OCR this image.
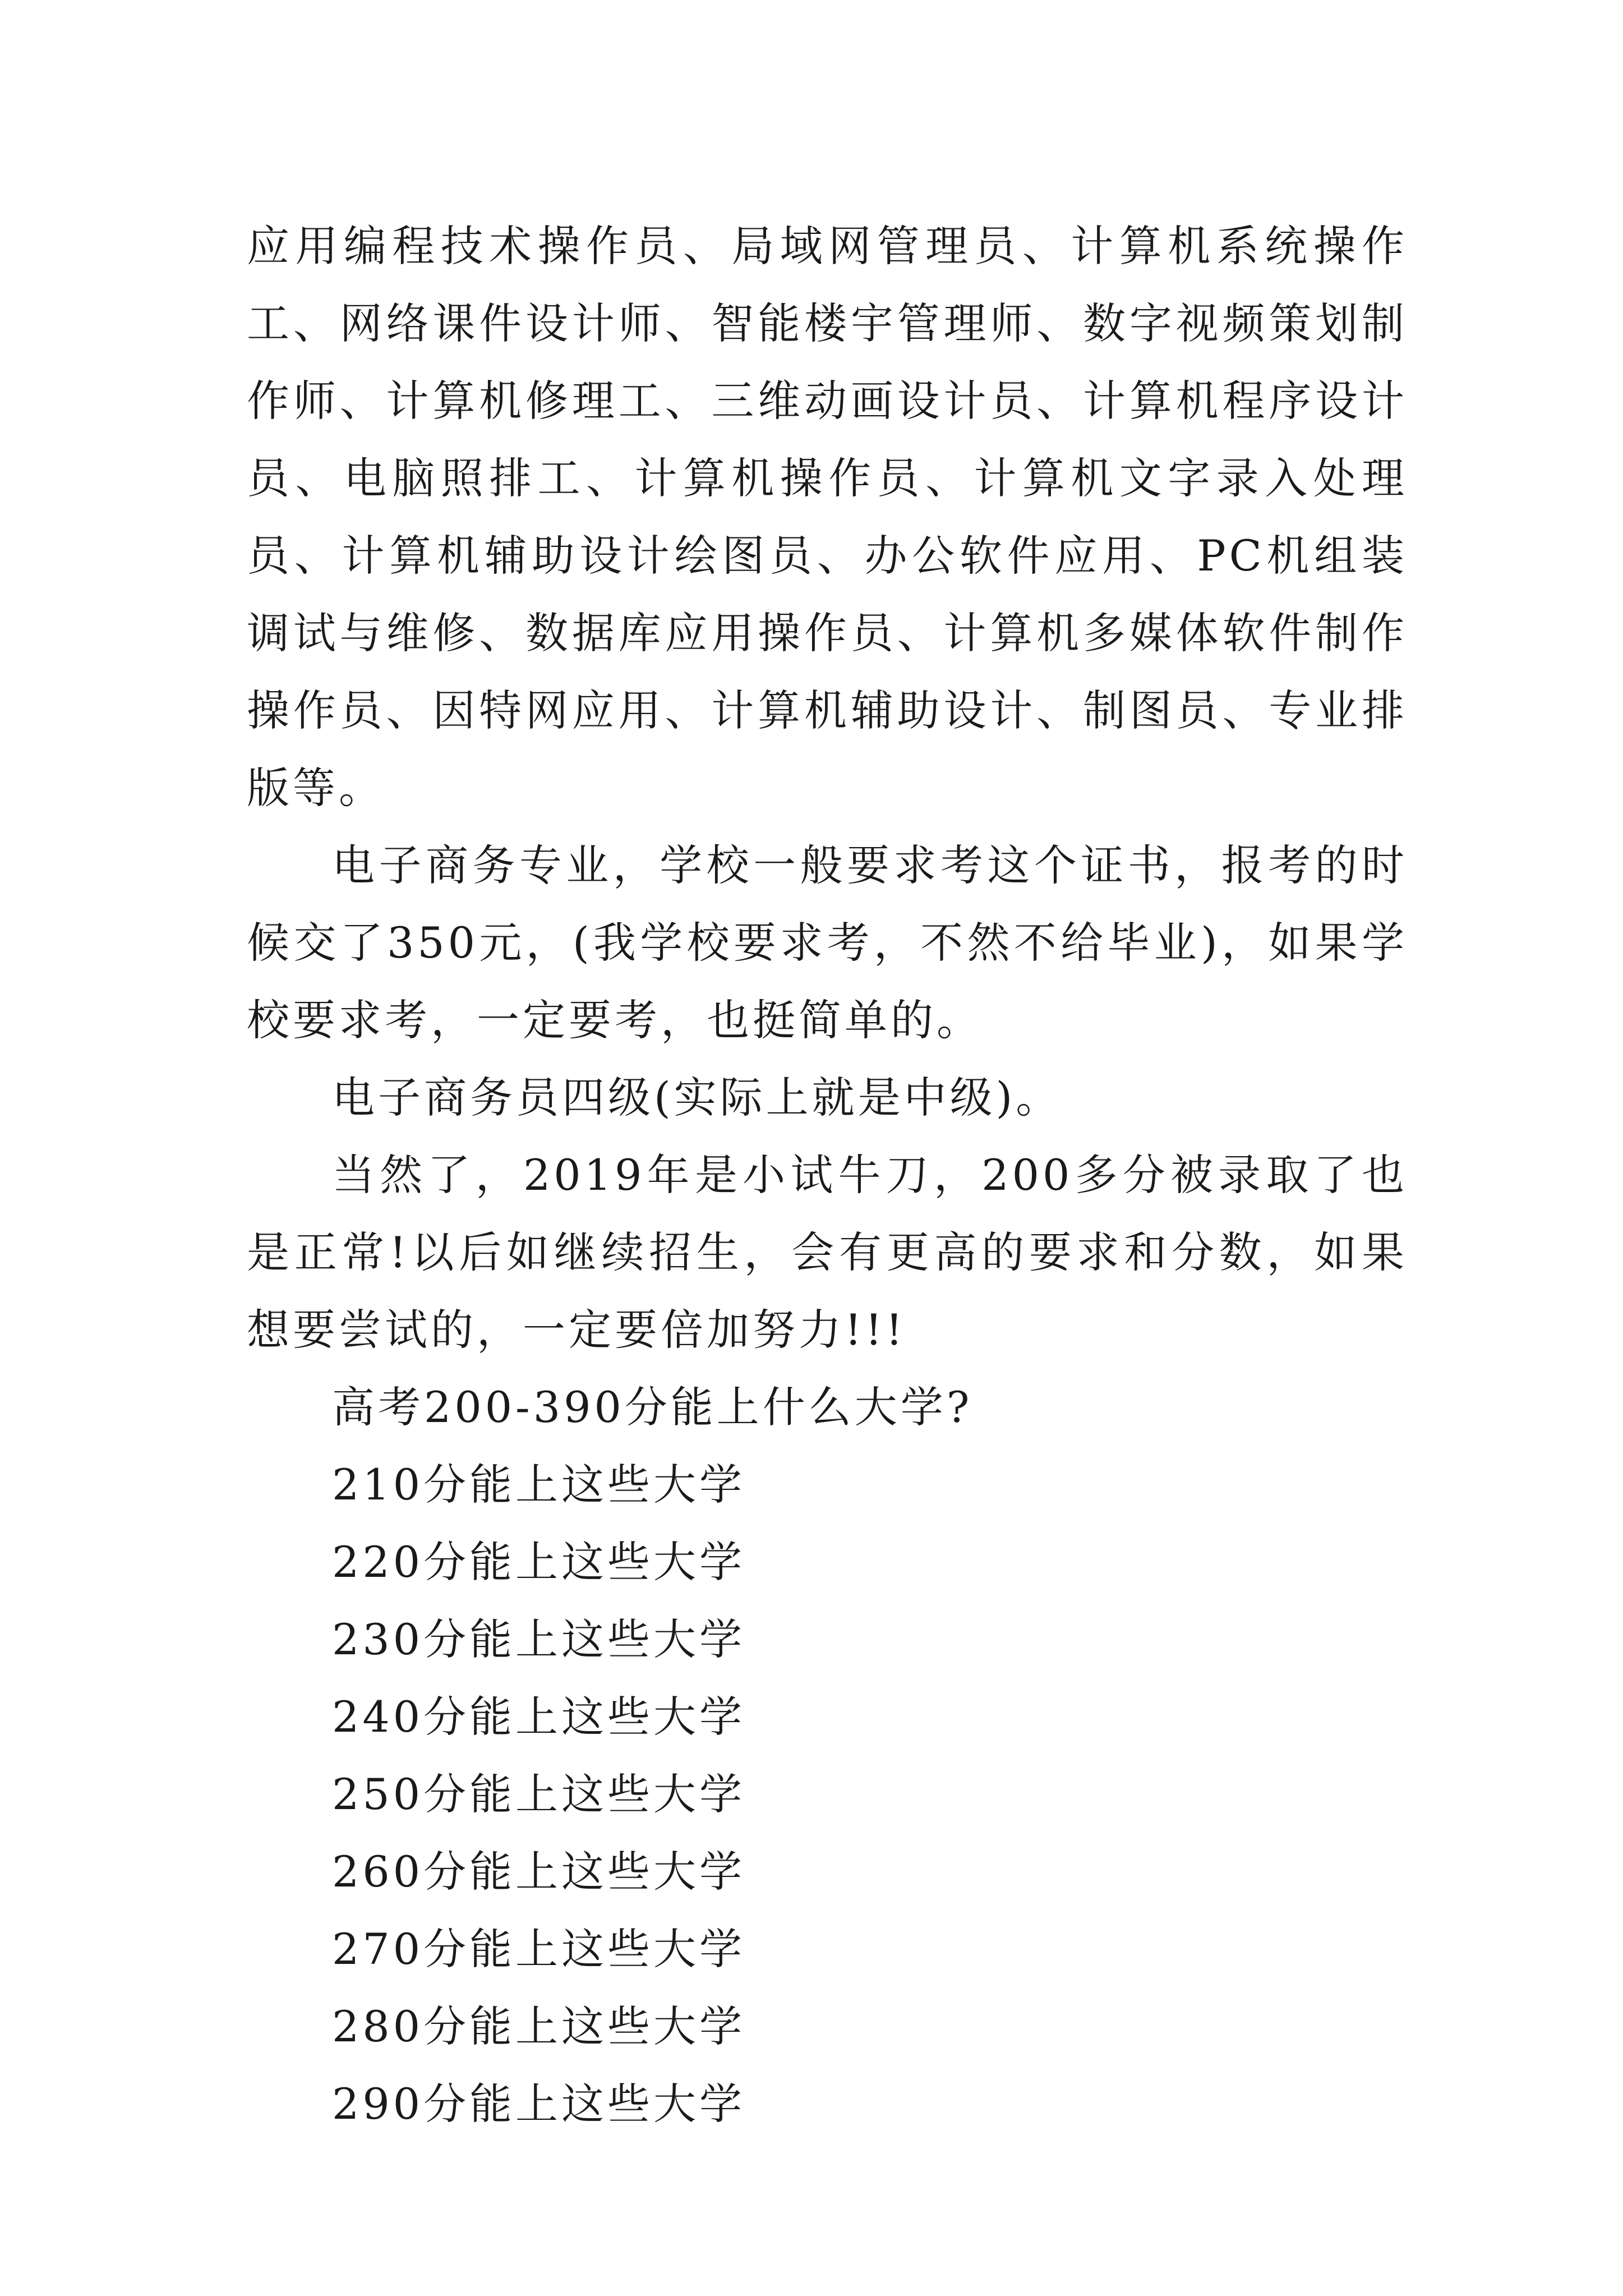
应用编程技术操作员、局域网管理员、计算机系统操作工、网络课件设计师、智能楼宇管理师、数字视频策划制作师、计算机修理工、三维动画设计员、计算机程序设计员、电脑照排工、计算机操作员、计算机文字录入处理员、计算机辅助设计绘图员、办公软件应用、PC机组装调试与维修、数据库应用操作员、计算机多媒体软件制作操作员、因特网应用、计算机辅助设计、制图员、专业排版等。

电子商务专业，学校一般要求考这个证书，报考的时候交了350元，(我学校要求考，不然不给毕业)，如果学校要求考，一定要考，也挺简单的。

电子商务员四级(实际上就是中级)。

当然了，2019年是小试牛刀，200多分被录取了也是正常!以后如继续招生，会有更高的要求和分数，如果想要尝试的，一定要倍加努力!!!

高考200-390分能上什么大学?

210分能上这些大学

220分能上这些大学

230分能上这些大学

240分能上这些大学

250分能上这些大学

260分能上这些大学

270分能上这些大学

280分能上这些大学

290分能上这些大学
